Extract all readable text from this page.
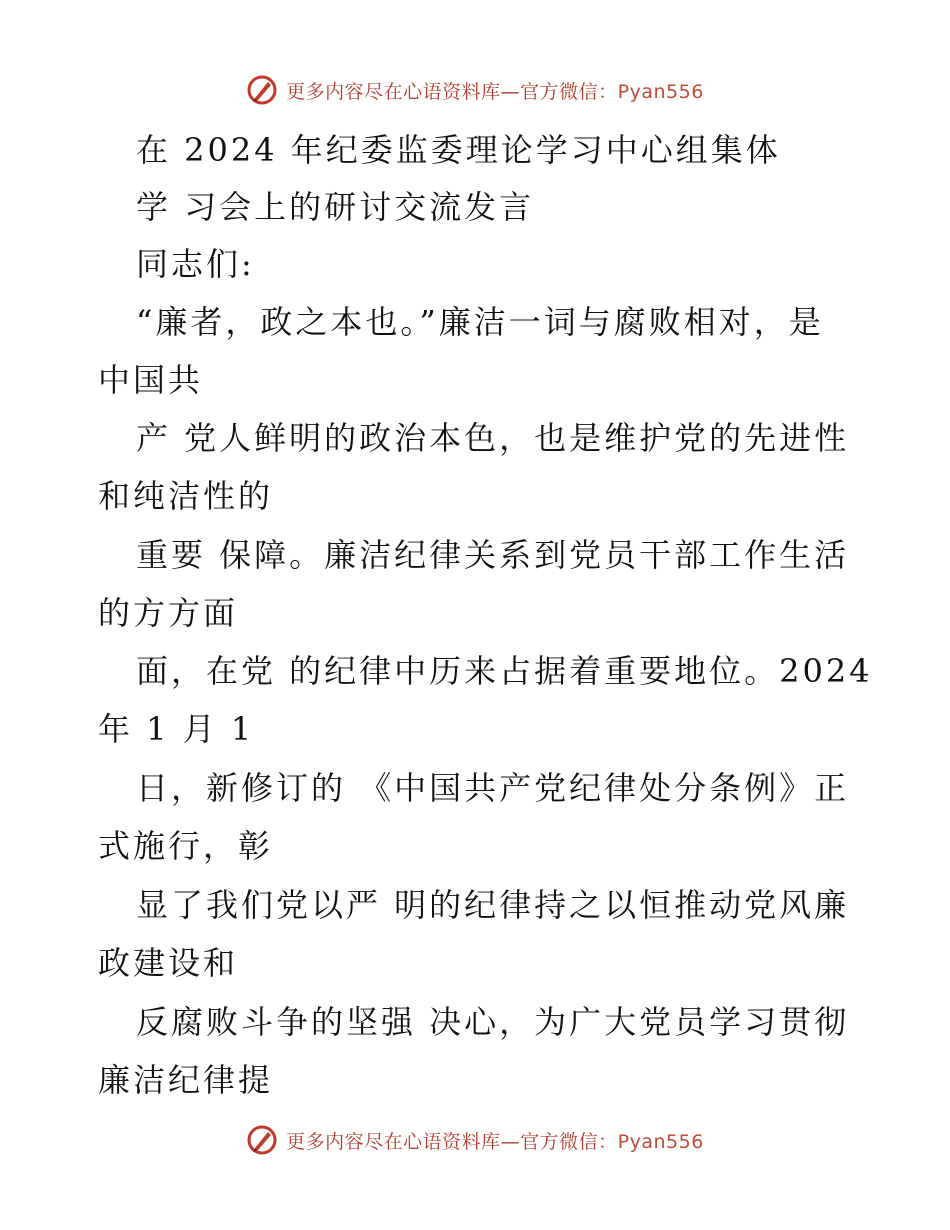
更多内容尽在心语资料库—官方微信：Pyan556
在 2024 年纪委监委理论学习中心组集体
学 习会上的研讨交流发言
同志们:
“廉者，政之本也。”廉洁一词与腐败相对，是
中国共
产 党人鲜明的政治本色，也是维护党的先进性
和纯洁性的
重要 保障。廉洁纪律关系到党员干部工作生活
的方方面
面，在党 的纪律中历来占据着重要地位。2024
年 1 月 1
日，新修订的 《中国共产党纪律处分条例》正
式施行，彰
显了我们党以严 明的纪律持之以恒推动党风廉
政建设和
反腐败斗争的坚强 决心，为广大党员学习贯彻
廉洁纪律提
更多内容尽在心语资料库—官方微信：Pyan556
